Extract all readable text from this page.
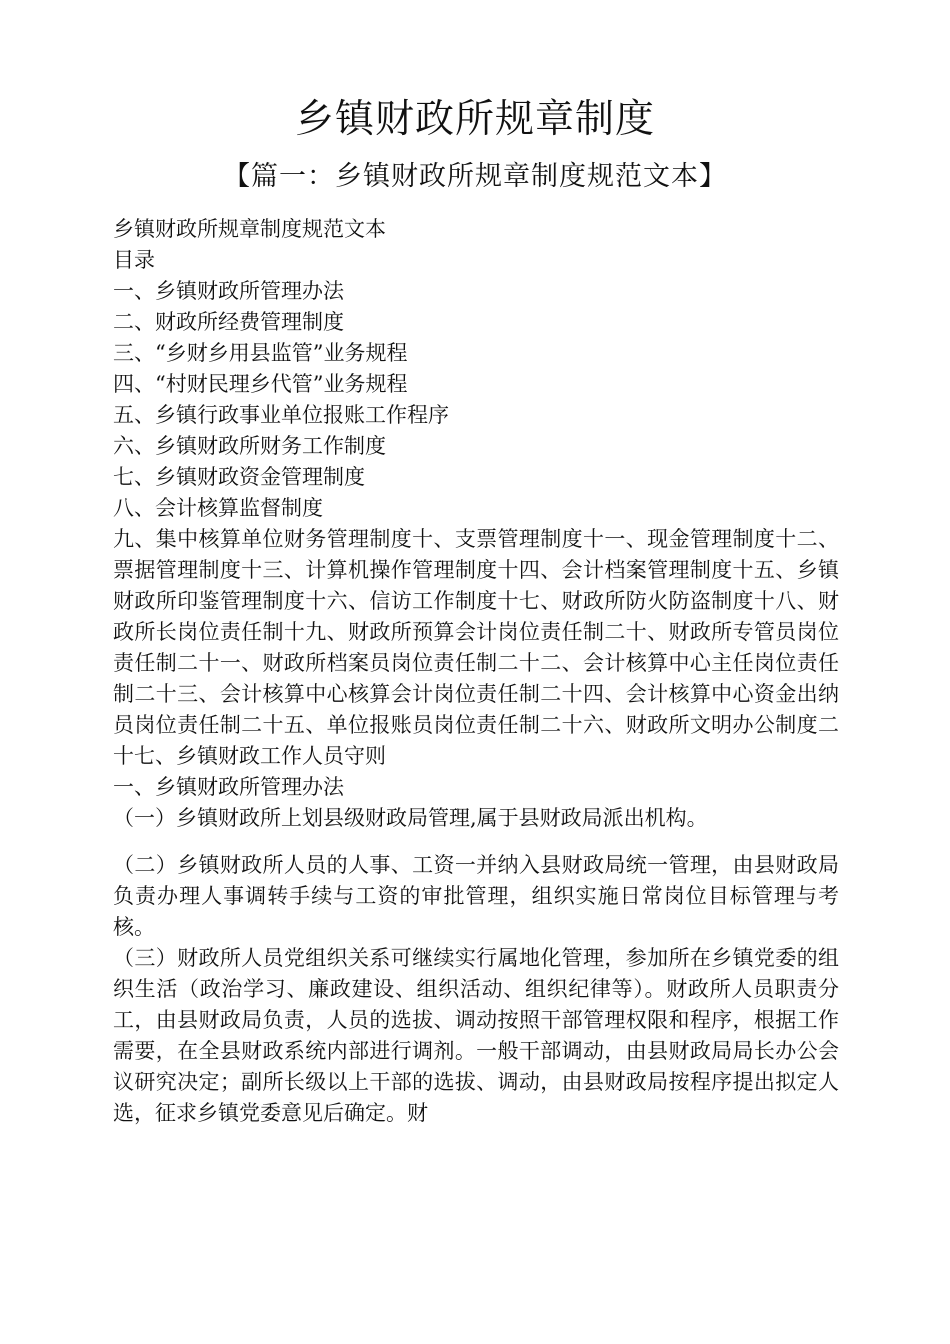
乡镇财政所规章制度
【篇一：乡镇财政所规章制度规范文本】
乡镇财政所规章制度规范文本
目录
一、乡镇财政所管理办法
二、财政所经费管理制度
三、“乡财乡用县监管”业务规程
四、“村财民理乡代管”业务规程
五、乡镇行政事业单位报账工作程序
六、乡镇财政所财务工作制度
七、乡镇财政资金管理制度
八、会计核算监督制度
九、集中核算单位财务管理制度十、支票管理制度十一、现金管理制度十二、票据管理制度十三、计算机操作管理制度十四、会计档案管理制度十五、乡镇财政所印鉴管理制度十六、信访工作制度十七、财政所防火防盗制度十八、财政所长岗位责任制十九、财政所预算会计岗位责任制二十、财政所专管员岗位责任制二十一、财政所档案员岗位责任制二十二、会计核算中心主任岗位责任制二十三、会计核算中心核算会计岗位责任制二十四、会计核算中心资金出纳员岗位责任制二十五、单位报账员岗位责任制二十六、财政所文明办公制度二十七、乡镇财政工作人员守则
一、乡镇财政所管理办法
（一）乡镇财政所上划县级财政局管理,属于县财政局派出机构。
（二）乡镇财政所人员的人事、工资一并纳入县财政局统一管理，由县财政局负责办理人事调转手续与工资的审批管理，组织实施日常岗位目标管理与考核。
（三）财政所人员党组织关系可继续实行属地化管理，参加所在乡镇党委的组织生活（政治学习、廉政建设、组织活动、组织纪律等）。财政所人员职责分工，由县财政局负责，人员的选拔、调动按照干部管理权限和程序，根据工作需要，在全县财政系统内部进行调剂。一般干部调动，由县财政局局长办公会议研究决定；副所长级以上干部的选拔、调动，由县财政局按程序提出拟定人选，征求乡镇党委意见后确定。财
